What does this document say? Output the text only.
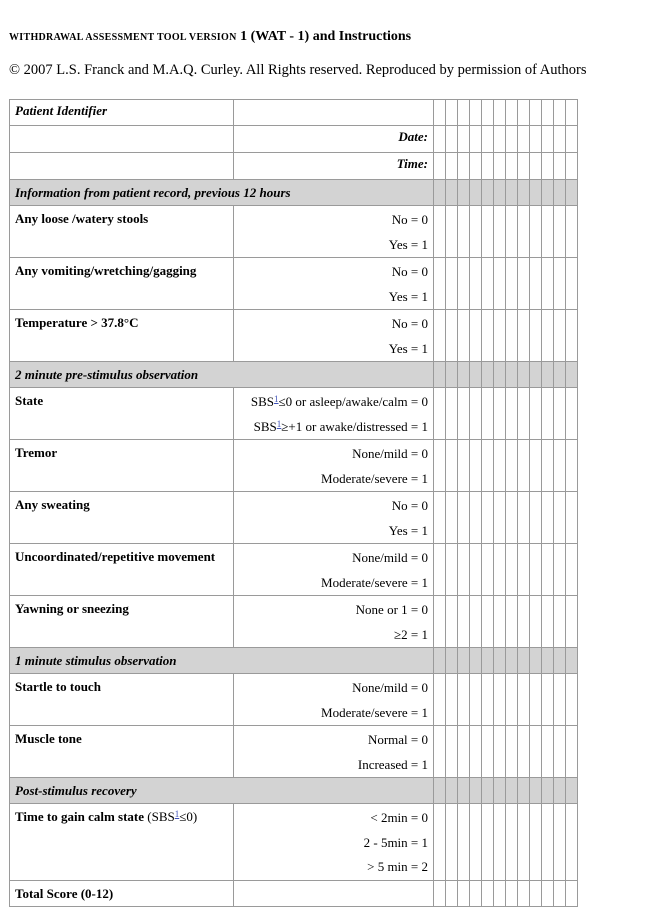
WITHDRAWAL ASSESSMENT TOOL VERSION 1 (WAT - 1) and Instructions
© 2007 L.S. Franck and M.A.Q. Curley. All Rights reserved. Reproduced by permission of Authors
Patient Identifier													
	Date:												
	Time:												
Information from patient record, previous 12 hours													
Any loose /watery stools	No = 0
Yes = 1												

Any vomiting/wretching/gagging	No = 0
Yes = 1												

Temperature > 37.8°C	No = 0
Yes = 1												

2 minute pre-stimulus observation													
State	SBS$^1$≤0 or asleep/awake/calm = 0
SBS$^1$≥+1 or awake/distressed = 1												

Tremor	None/mild = 0
Moderate/severe = 1												

Any sweating	No = 0
Yes = 1												

Uncoordinated/repetitive movement	None/mild = 0
Moderate/severe = 1												

Yawning or sneezing	None or 1 = 0
≥2 = 1												

1 minute stimulus observation													
Startle to touch	None/mild = 0
Moderate/severe = 1												

Muscle tone	Normal = 0
Increased = 1												

Post-stimulus recovery													
Time to gain calm state (SBS$^1$≤0)	< 2min = 0
2 - 5min = 1
> 5 min = 2												

Total Score (0-12)													
